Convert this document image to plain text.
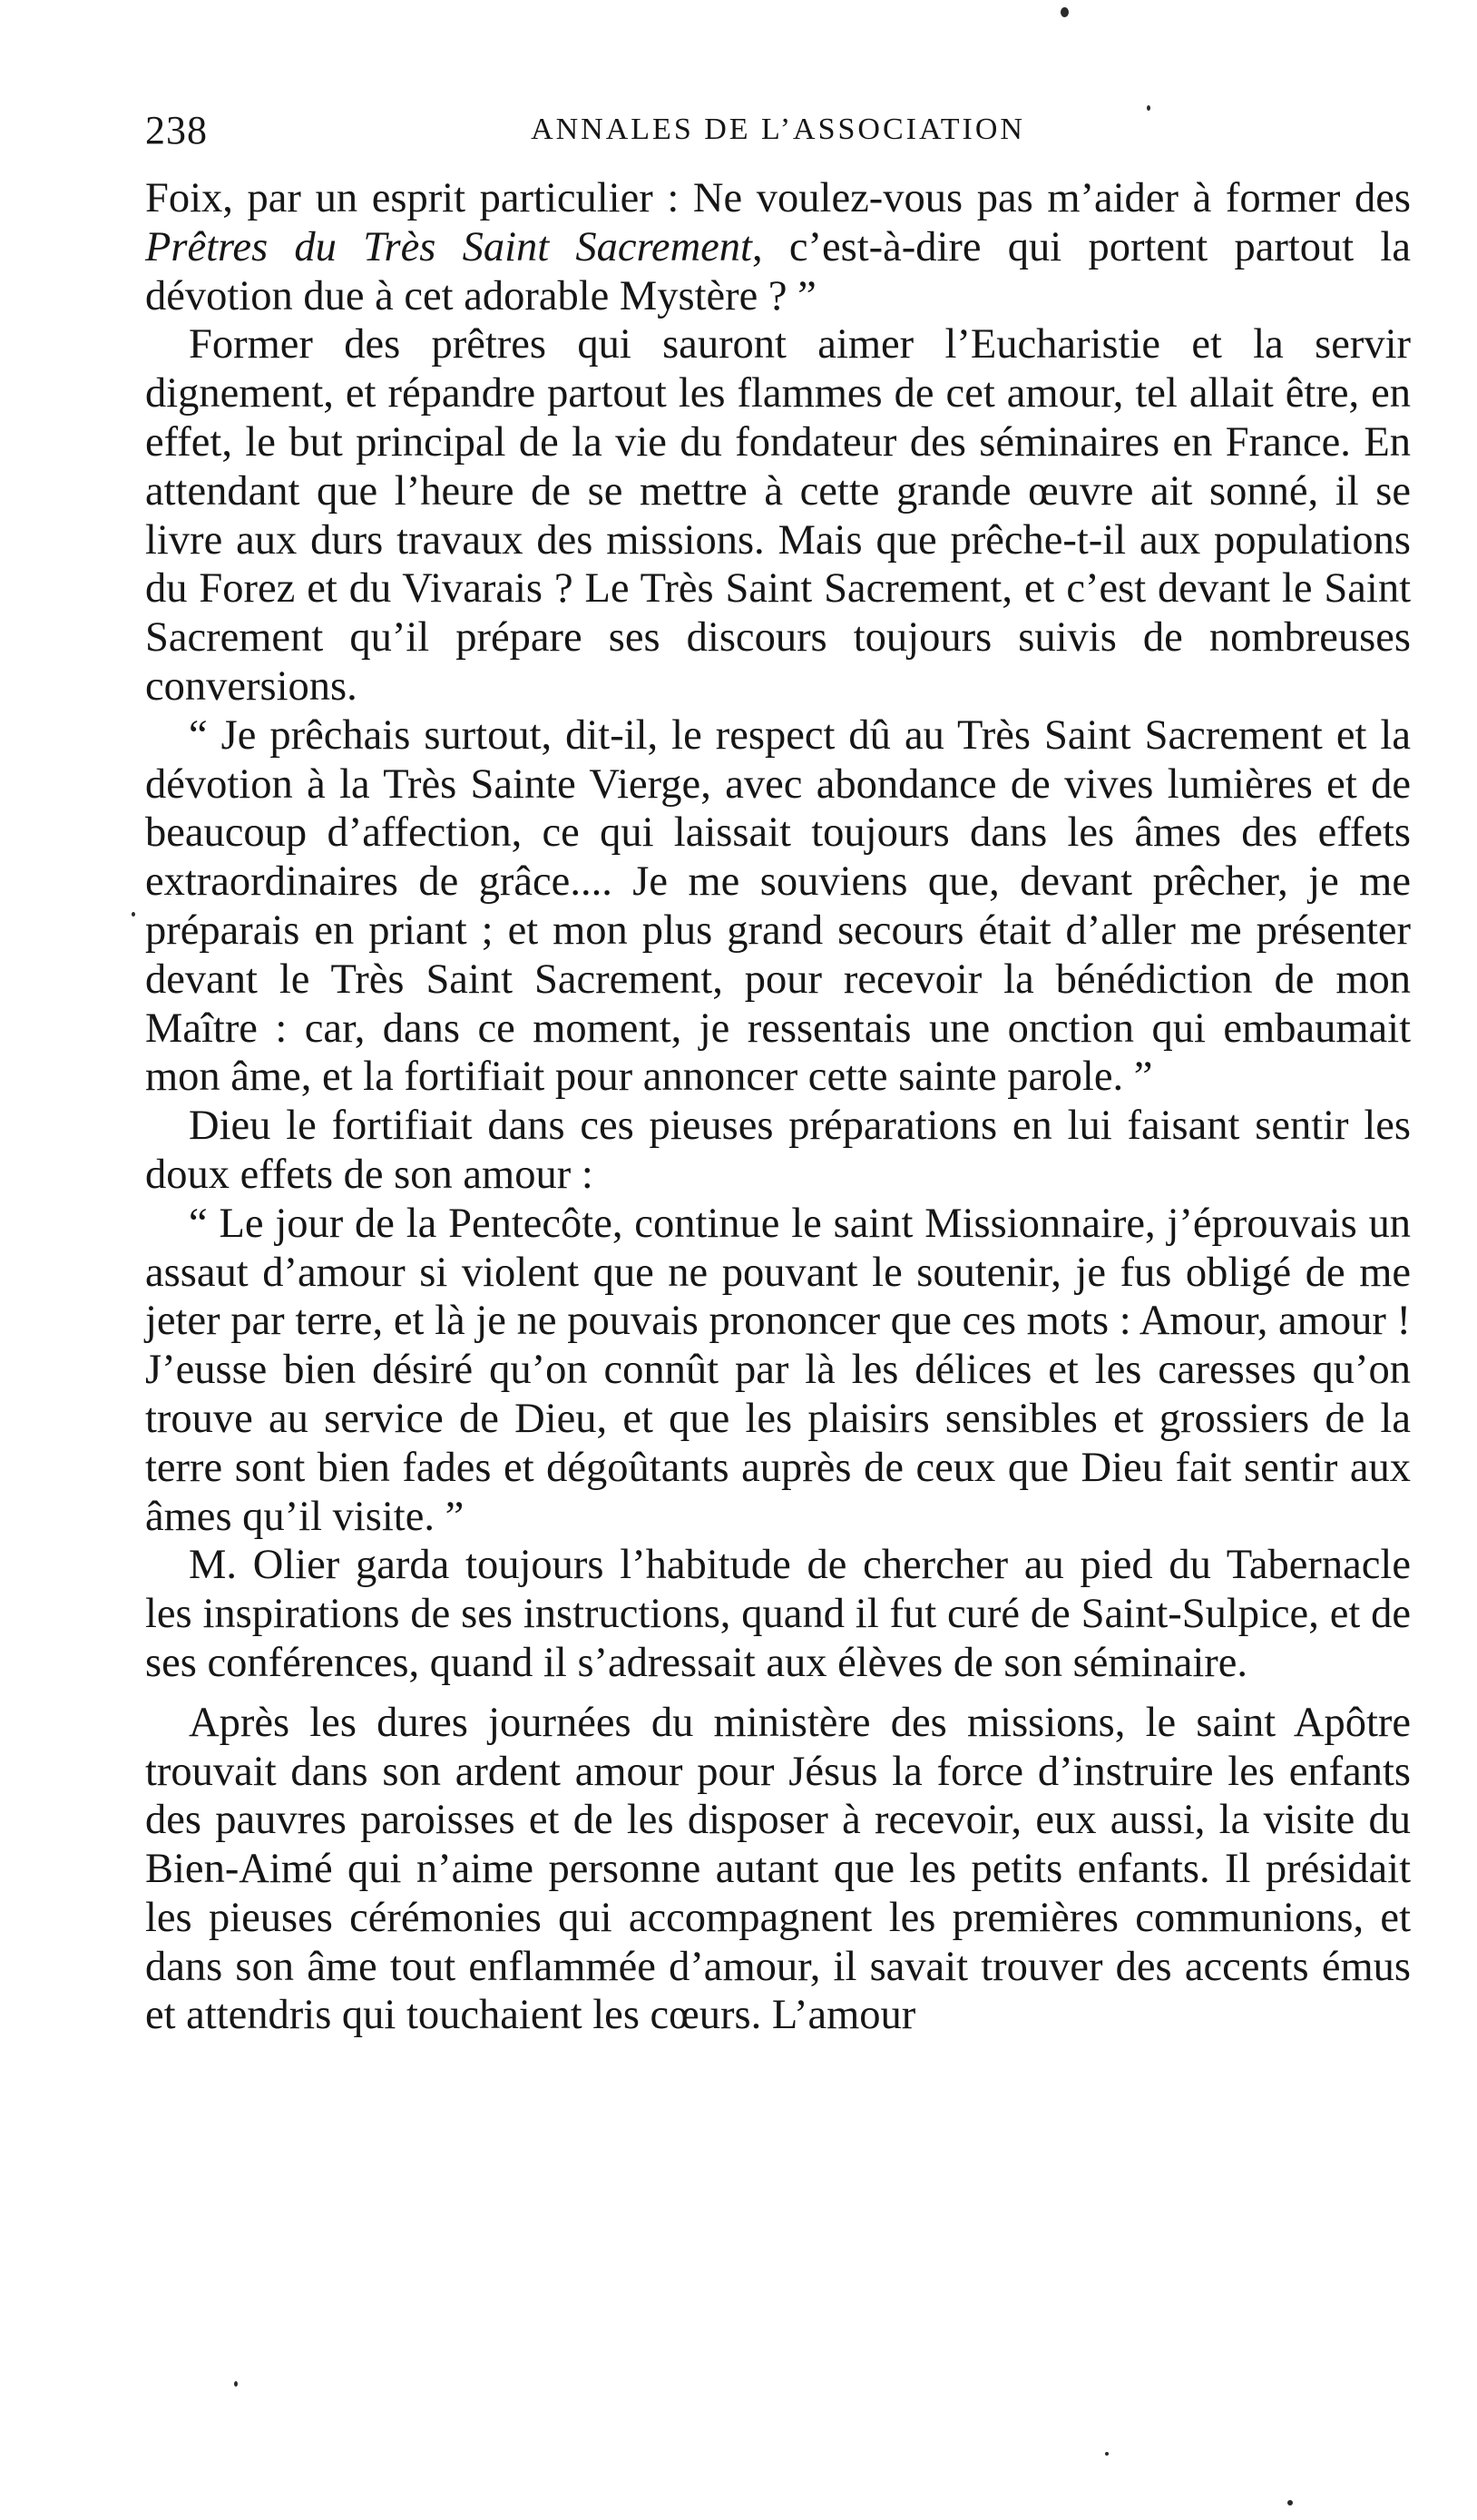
238	ANNALES DE L’ASSOCIATION

Foix, par un esprit particulier : Ne voulez-vous pas m’aider à former des Prêtres du Très Saint Sacrement, c’est-à-dire qui portent partout la dévotion due à cet adorable Mystère ? ”

Former des prêtres qui sauront aimer l’Eucharistie et la servir dignement, et répandre partout les flammes de cet amour, tel allait être, en effet, le but principal de la vie du fondateur des séminaires en France. En attendant que l’heure de se mettre à cette grande œuvre ait sonné, il se livre aux durs travaux des missions. Mais que prêche-t-il aux populations du Forez et du Vivarais ? Le Très Saint Sacrement, et c’est devant le Saint Sacrement qu’il prépare ses discours toujours suivis de nombreuses conversions.

“ Je prêchais surtout, dit-il, le respect dû au Très Saint Sacrement et la dévotion à la Très Sainte Vierge, avec abondance de vives lumières et de beaucoup d’affection, ce qui laissait toujours dans les âmes des effets extraordinaires de grâce.... Je me souviens que, devant prêcher, je me préparais en priant ; et mon plus grand secours était d’aller me présenter devant le Très Saint Sacrement, pour recevoir la bénédiction de mon Maître : car, dans ce moment, je ressentais une onction qui embaumait mon âme, et la fortifiait pour annoncer cette sainte parole. ”

Dieu le fortifiait dans ces pieuses préparations en lui faisant sentir les doux effets de son amour :

“ Le jour de la Pentecôte, continue le saint Missionnaire, j’éprouvais un assaut d’amour si violent que ne pouvant le soutenir, je fus obligé de me jeter par terre, et là je ne pouvais prononcer que ces mots : Amour, amour ! J’eusse bien désiré qu’on connût par là les délices et les caresses qu’on trouve au service de Dieu, et que les plaisirs sensibles et grossiers de la terre sont bien fades et dégoûtants auprès de ceux que Dieu fait sentir aux âmes qu’il visite. ”

M. Olier garda toujours l’habitude de chercher au pied du Tabernacle les inspirations de ses instructions, quand il fut curé de Saint-Sulpice, et de ses conférences, quand il s’adressait aux élèves de son séminaire.

Après les dures journées du ministère des missions, le saint Apôtre trouvait dans son ardent amour pour Jésus la force d’instruire les enfants des pauvres paroisses et de les disposer à recevoir, eux aussi, la visite du Bien-Aimé qui n’aime personne autant que les petits enfants. Il présidait les pieuses cérémonies qui accompagnent les premières communions, et dans son âme tout enflammée d’amour, il savait trouver des accents émus et attendris qui touchaient les cœurs. L’amour
